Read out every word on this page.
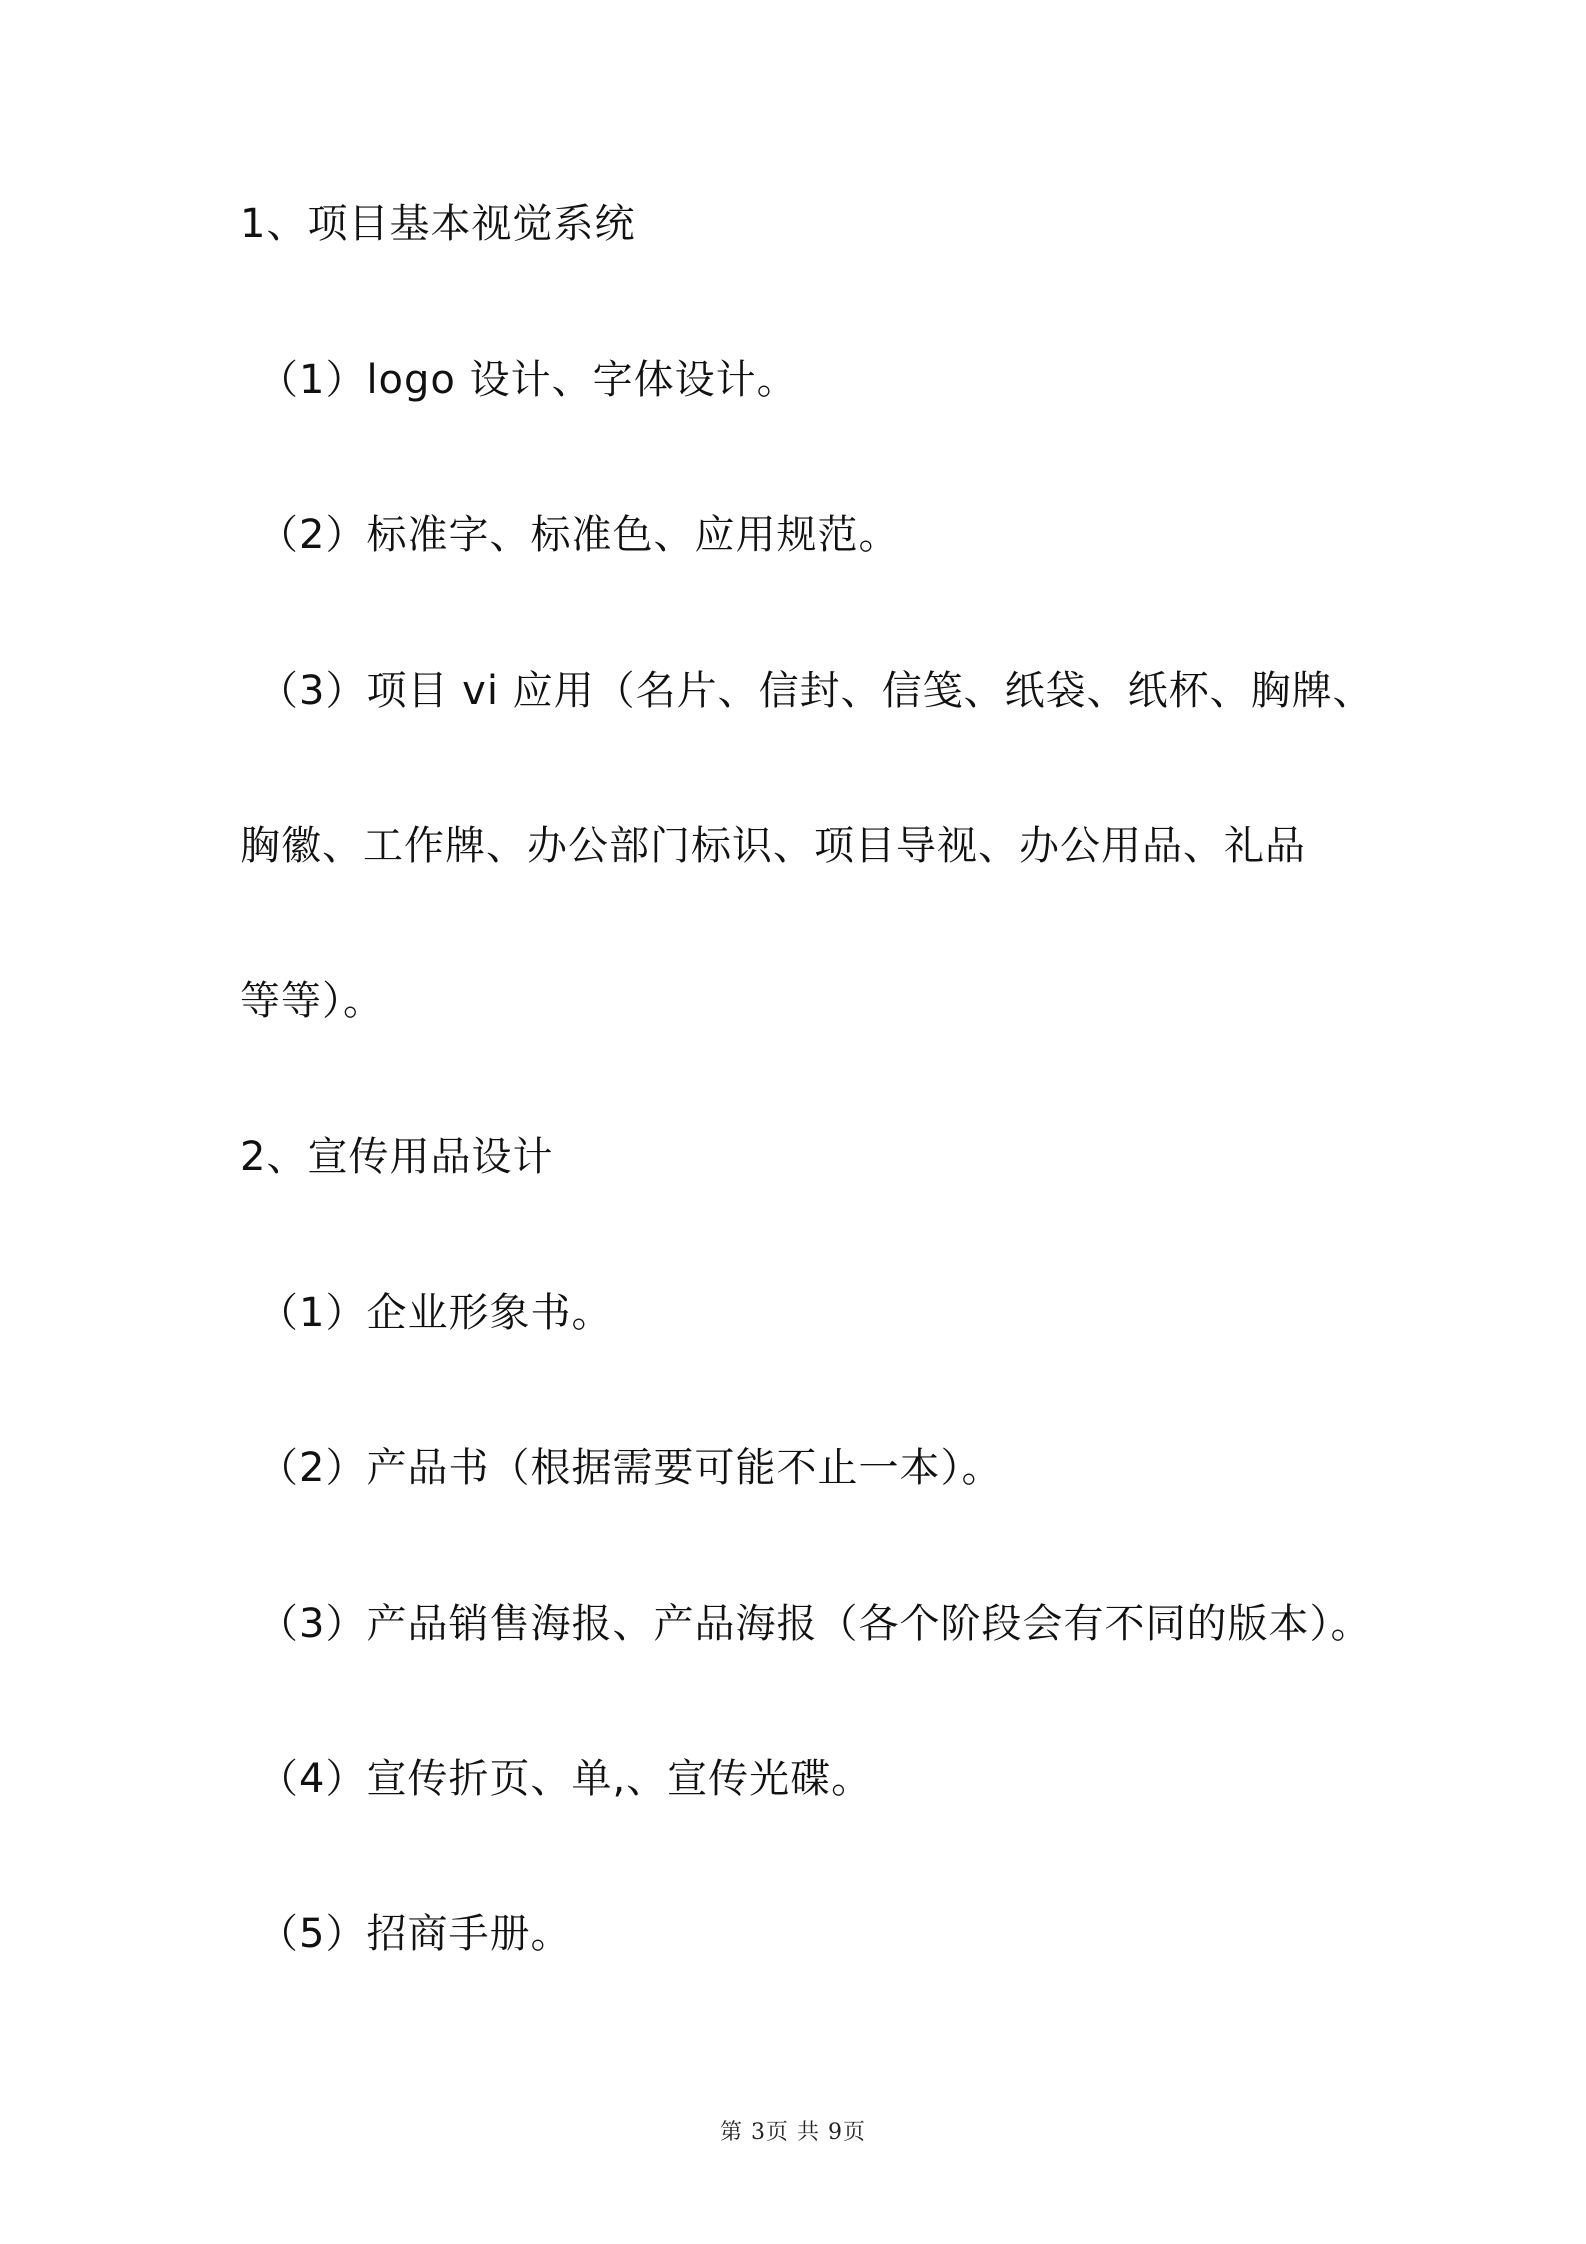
1、项目基本视觉系统
（1）logo 设计、字体设计。
（2）标准字、标准色、应用规范。
（3）项目 vi 应用（名片、信封、信笺、纸袋、纸杯、胸牌、
胸徽、工作牌、办公部门标识、项目导视、办公用品、礼品
等等）。
2、宣传用品设计
（1）企业形象书。
（2）产品书（根据需要可能不止一本）。
（3）产品销售海报、产品海报（各个阶段会有不同的版本）。
（4）宣传折页、单,、宣传光碟。
（5）招商手册。
第 3页 共 9页
